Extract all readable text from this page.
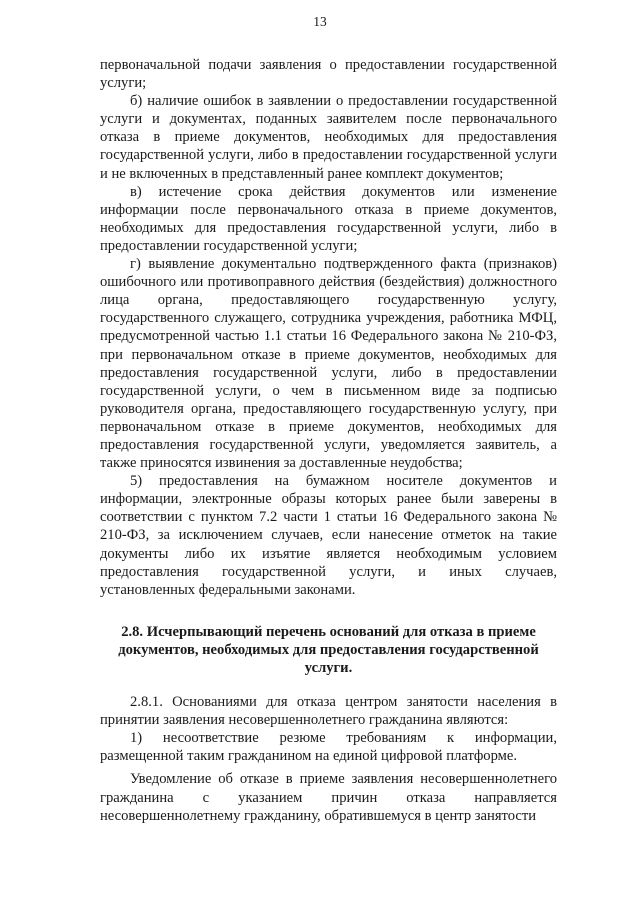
13

первоначальной подачи заявления о предоставлении государственной услуги;

б) наличие ошибок в заявлении о предоставлении государственной услуги и документах, поданных заявителем после первоначального отказа в приеме документов, необходимых для предоставления государственной услуги, либо в предоставлении государственной услуги и не включенных в представленный ранее комплект документов;

в) истечение срока действия документов или изменение информации после первоначального отказа в приеме документов, необходимых для предоставления государственной услуги, либо в предоставлении государственной услуги;

г) выявление документально подтвержденного факта (признаков) ошибочного или противоправного действия (бездействия) должностного лица органа, предоставляющего государственную услугу, государственного служащего, сотрудника учреждения, работника МФЦ, предусмотренной частью 1.1 статьи 16 Федерального закона № 210-ФЗ, при первоначальном отказе в приеме документов, необходимых для предоставления государственной услуги, либо в предоставлении государственной услуги, о чем в письменном виде за подписью руководителя органа, предоставляющего государственную услугу, при первоначальном отказе в приеме документов, необходимых для предоставления государственной услуги, уведомляется заявитель, а также приносятся извинения за доставленные неудобства;

5) предоставления на бумажном носителе документов и информации, электронные образы которых ранее были заверены в соответствии с пунктом 7.2 части 1 статьи 16 Федерального закона № 210-ФЗ, за исключением случаев, если нанесение отметок на такие документы либо их изъятие является необходимым условием предоставления государственной услуги, и иных случаев, установленных федеральными законами.

2.8. Исчерпывающий перечень оснований для отказа в приеме
документов, необходимых для предоставления государственной
услуги.

2.8.1. Основаниями для отказа центром занятости населения в принятии заявления несовершеннолетнего гражданина являются:

1) несоответствие резюме требованиям к информации, размещенной таким гражданином на единой цифровой платформе.

Уведомление об отказе в приеме заявления несовершеннолетнего гражданина с указанием причин отказа направляется несовершеннолетнему гражданину, обратившемуся в центр занятости
